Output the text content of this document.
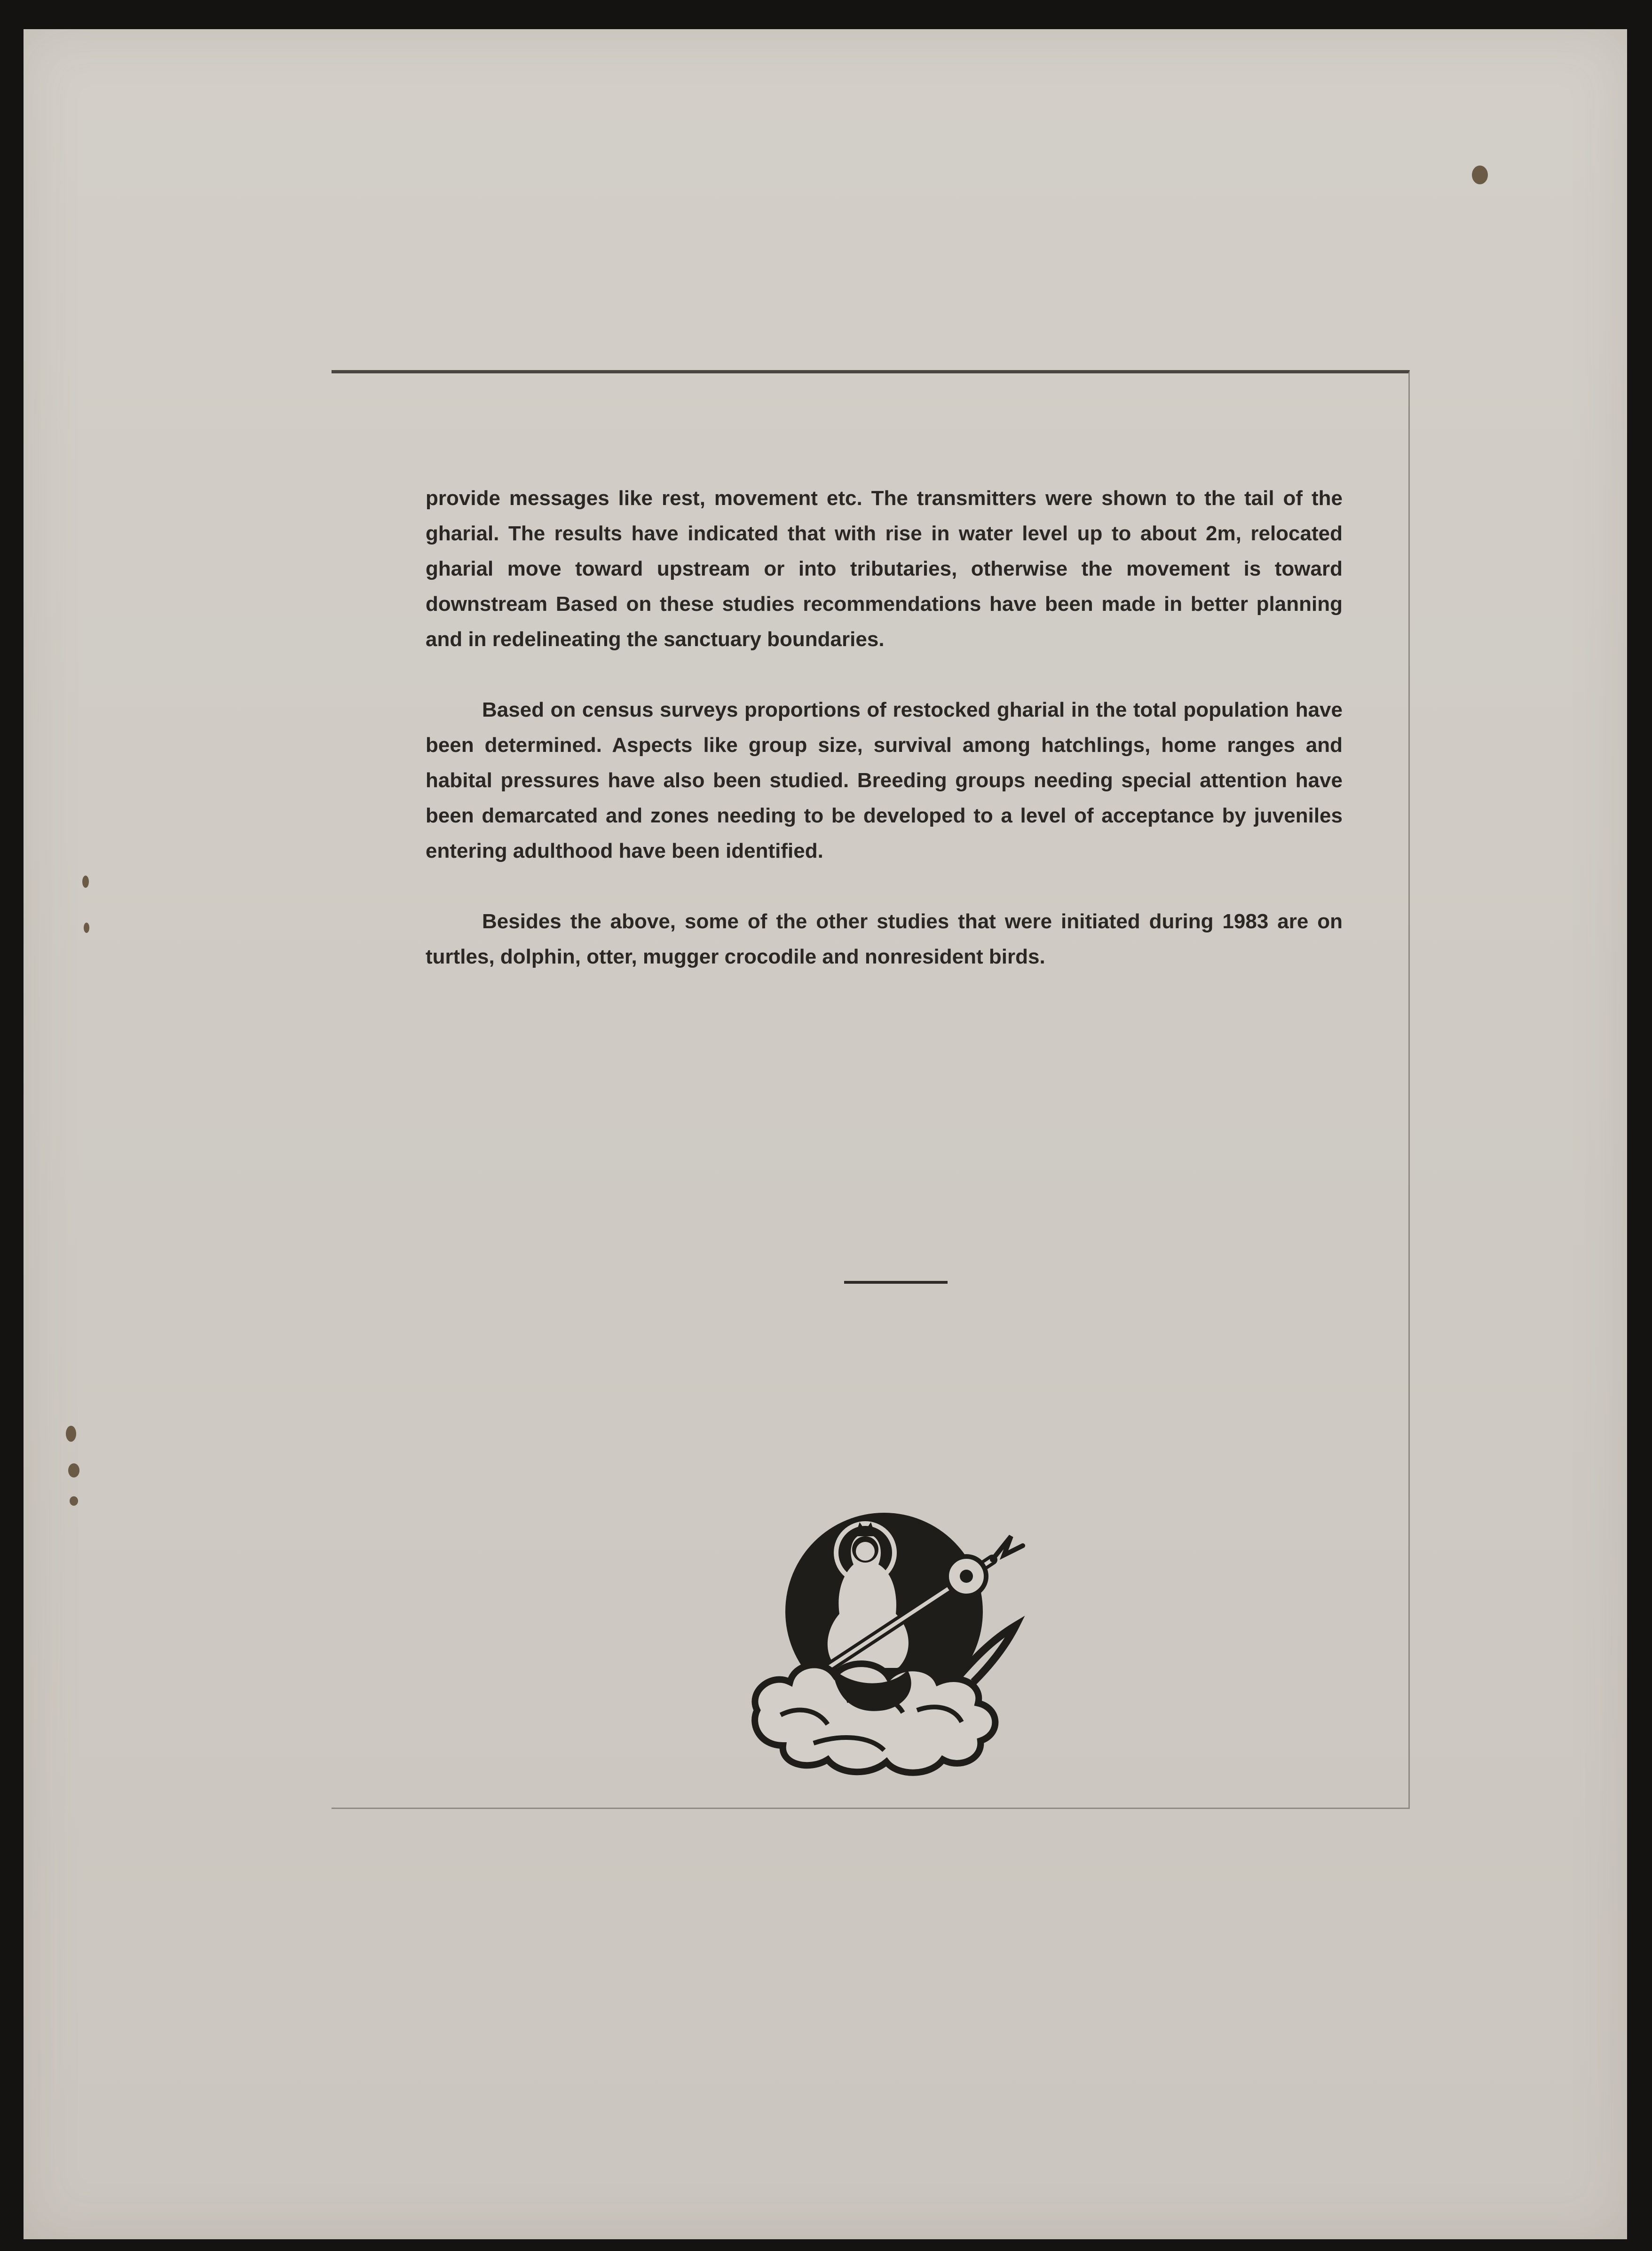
provide messages like rest, movement etc. The transmitters were shown to the tail of the gharial. The results have indicated that with rise in water level up to about 2m, relocated gharial move toward upstream or into tributaries, otherwise the movement is toward downstream Based on these studies recommendations have been made in better planning and in redelineating the sanctuary boundaries.

Based on census surveys proportions of restocked gharial in the total population have been determined. Aspects like group size, survival among hatchlings, home ranges and habital pressures have also been studied. Breeding groups needing special attention have been demarcated and zones needing to be developed to a level of acceptance by juveniles entering adulthood have been identified.

Besides the above, some of the other studies that were initiated during 1983 are on turtles, dolphin, otter, mugger crocodile and nonresident birds.
